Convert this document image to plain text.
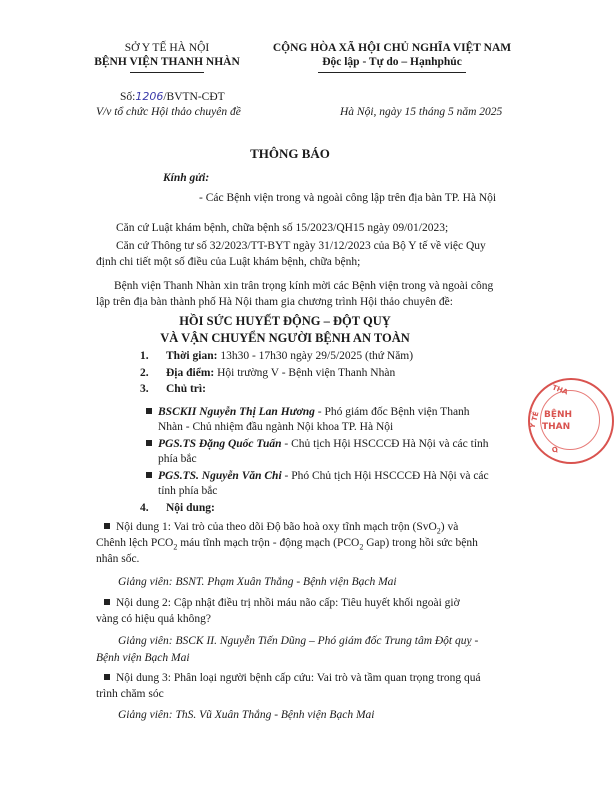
SỞ Y TẾ HÀ NỘI
BỆNH VIỆN THANH NHÀN
CỘNG HÒA XÃ HỘI CHỦ NGHĨA VIỆT NAM
Độc lập - Tự do – Hạnhphúc
Số:1206/BVTN-CĐT
V/v tổ chức Hội thảo chuyên đề	Hà Nội, ngày 15 tháng 5 năm 2025
THÔNG BÁO
Kính gửi:
- Các Bệnh viện trong và ngoài công lập trên địa bàn TP. Hà Nội
Căn cứ Luật khám bệnh, chữa bệnh số 15/2023/QH15 ngày 09/01/2023;
Căn cứ Thông tư số 32/2023/TT-BYT ngày 31/12/2023 của Bộ Y tế về việc Quy
định chi tiết một số điều của Luật khám bệnh, chữa bệnh;
Bệnh viện Thanh Nhàn xin trân trọng kính mời các Bệnh viện trong và ngoài công
lập trên địa bàn thành phố Hà Nội tham gia chương trình Hội thảo chuyên đề:
HỒI SỨC HUYẾT ĐỘNG – ĐỘT QUỴ
VÀ VẬN CHUYỂN NGƯỜI BỆNH AN TOÀN
1. Thời gian: 13h30 - 17h30 ngày 29/5/2025 (thứ Năm)
2. Địa điểm: Hội trường V - Bệnh viện Thanh Nhàn
3. Chủ trì:
BSCKII Nguyễn Thị Lan Hương - Phó giám đốc Bệnh viện Thanh
Nhàn - Chủ nhiệm đầu ngành Nội khoa TP. Hà Nội
PGS.TS Đặng Quốc Tuấn - Chủ tịch Hội HSCCCĐ Hà Nội và các tỉnh
phía bắc
PGS.TS. Nguyễn Văn Chi - Phó Chủ tịch Hội HSCCCĐ Hà Nội và các
tỉnh phía bắc
4. Nội dung:
Nội dung 1: Vai trò của theo dõi Độ bão hoà oxy tĩnh mạch trộn (SvO$_2$) và
Chênh lệch $PCO_2$ máu tĩnh mạch trộn - động mạch ($PCO_2$ Gap) trong hồi sức bệnh
nhân sốc.
Giảng viên: BSNT. Phạm Xuân Thắng - Bệnh viện Bạch Mai
Nội dung 2: Cập nhật điều trị nhồi máu não cấp: Tiêu huyết khối ngoài giờ
vàng có hiệu quả không?
Giảng viên: BSCK II. Nguyễn Tiến Dũng – Phó giám đốc Trung tâm Đột quỵ -
Bệnh viện Bạch Mai
Nội dung 3: Phân loại người bệnh cấp cứu: Vai trò và tầm quan trọng trong quá
trình chăm sóc
Giảng viên: ThS. Vũ Xuân Thắng - Bệnh viện Bạch Mai
THA
BỆNH
THAN
Y TẾ
Q
